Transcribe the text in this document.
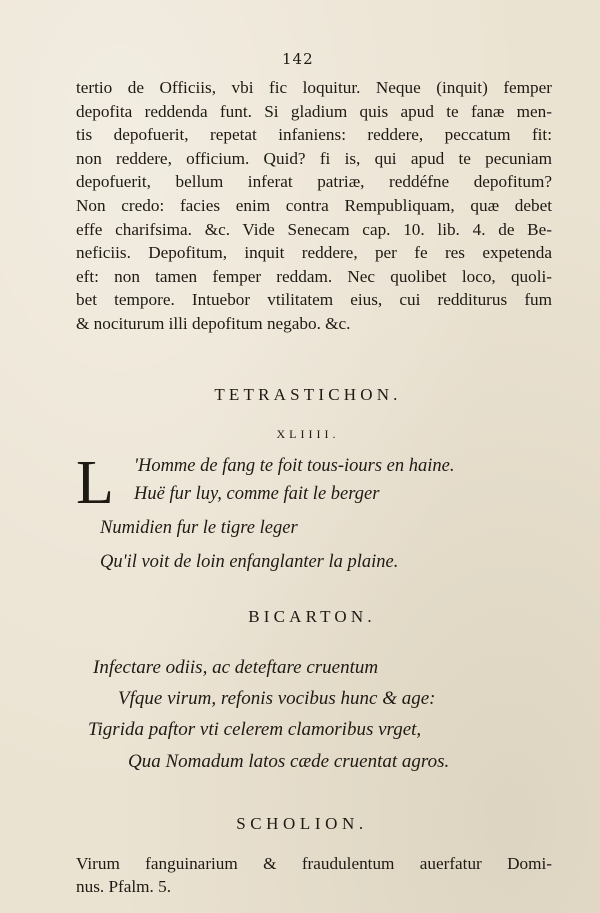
142
tertio de Officiis, vbi fic loquitur. Neque (inquit) femper
depofita reddenda funt. Si gladium quis apud te fanæ men-
tis depofuerit, repetat infaniens: reddere, peccatum fit:
non reddere, officium. Quid? fi is, qui apud te pecuniam
depofuerit, bellum inferat patriæ, reddéfne depofitum?
Non credo: facies enim contra Rempubliquam, quæ debet
effe charifsima. &c. Vide Senecam cap. 10. lib. 4. de Be-
neficiis. Depofitum, inquit reddere, per fe res expetenda
eft: non tamen femper reddam. Nec quolibet loco, quoli-
bet tempore. Intuebor vtilitatem eius, cui redditurus fum
& nociturum illi depofitum negabo. &c.
TETRASTICHON.
XLIIII.
L 'Homme de fang te foit tous-iours en haine.
Huë fur luy, comme fait le berger
Numidien fur le tigre leger
Qu'il voit de loin enfanglanter la plaine.
BICARTON.
Infectare odiis, ac deteftare cruentum
Vfque virum, refonis vocibus hunc & age:
Tigrida paftor vti celerem clamoribus vrget,
Qua Nomadum latos cæde cruentat agros.
SCHOLION.
Virum fanguinarium & fraudulentum auerfatur Domi-
nus. Pfalm. 5.
